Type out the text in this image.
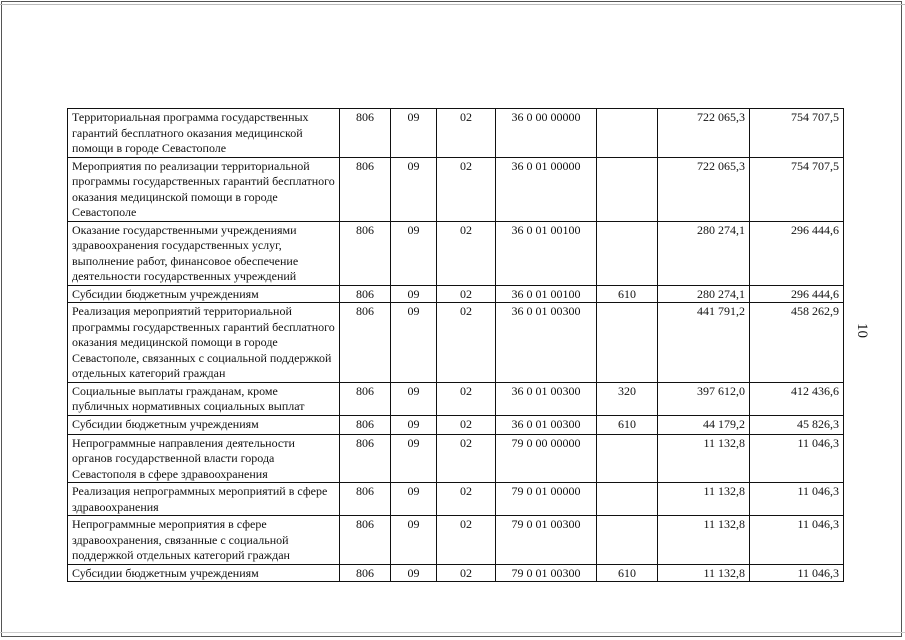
Территориальная программа государственных гарантий бесплатного оказания медицинской помощи в городе Севастополе	806	09	02	36 0 00 00000		722 065,3	754 707,5
Мероприятия по реализации территориальной программы государственных гарантий бесплатного оказания медицинской помощи в городе Севастополе	806	09	02	36 0 01 00000		722 065,3	754 707,5
Оказание государственными учреждениями здравоохранения государственных услуг, выполнение работ, финансовое обеспечение деятельности государственных учреждений	806	09	02	36 0 01 00100		280 274,1	296 444,6
Субсидии бюджетным учреждениям	806	09	02	36 0 01 00100	610	280 274,1	296 444,6
Реализация мероприятий территориальной программы государственных гарантий бесплатного оказания медицинской помощи в городе Севастополе, связанных с социальной поддержкой отдельных категорий граждан	806	09	02	36 0 01 00300		441 791,2	458 262,9
Социальные выплаты гражданам, кроме публичных нормативных социальных выплат	806	09	02	36 0 01 00300	320	397 612,0	412 436,6
Субсидии бюджетным учреждениям	806	09	02	36 0 01 00300	610	44 179,2	45 826,3
Непрограммные направления деятельности органов государственной власти города Севастополя в сфере здравоохранения	806	09	02	79 0 00 00000		11 132,8	11 046,3
Реализация непрограммных мероприятий в сфере здравоохранения	806	09	02	79 0 01 00000		11 132,8	11 046,3
Непрограммные мероприятия в сфере здравоохранения, связанные с социальной поддержкой отдельных категорий граждан	806	09	02	79 0 01 00300		11 132,8	11 046,3
Субсидии бюджетным учреждениям	806	09	02	79 0 01 00300	610	11 132,8	11 046,3
10
